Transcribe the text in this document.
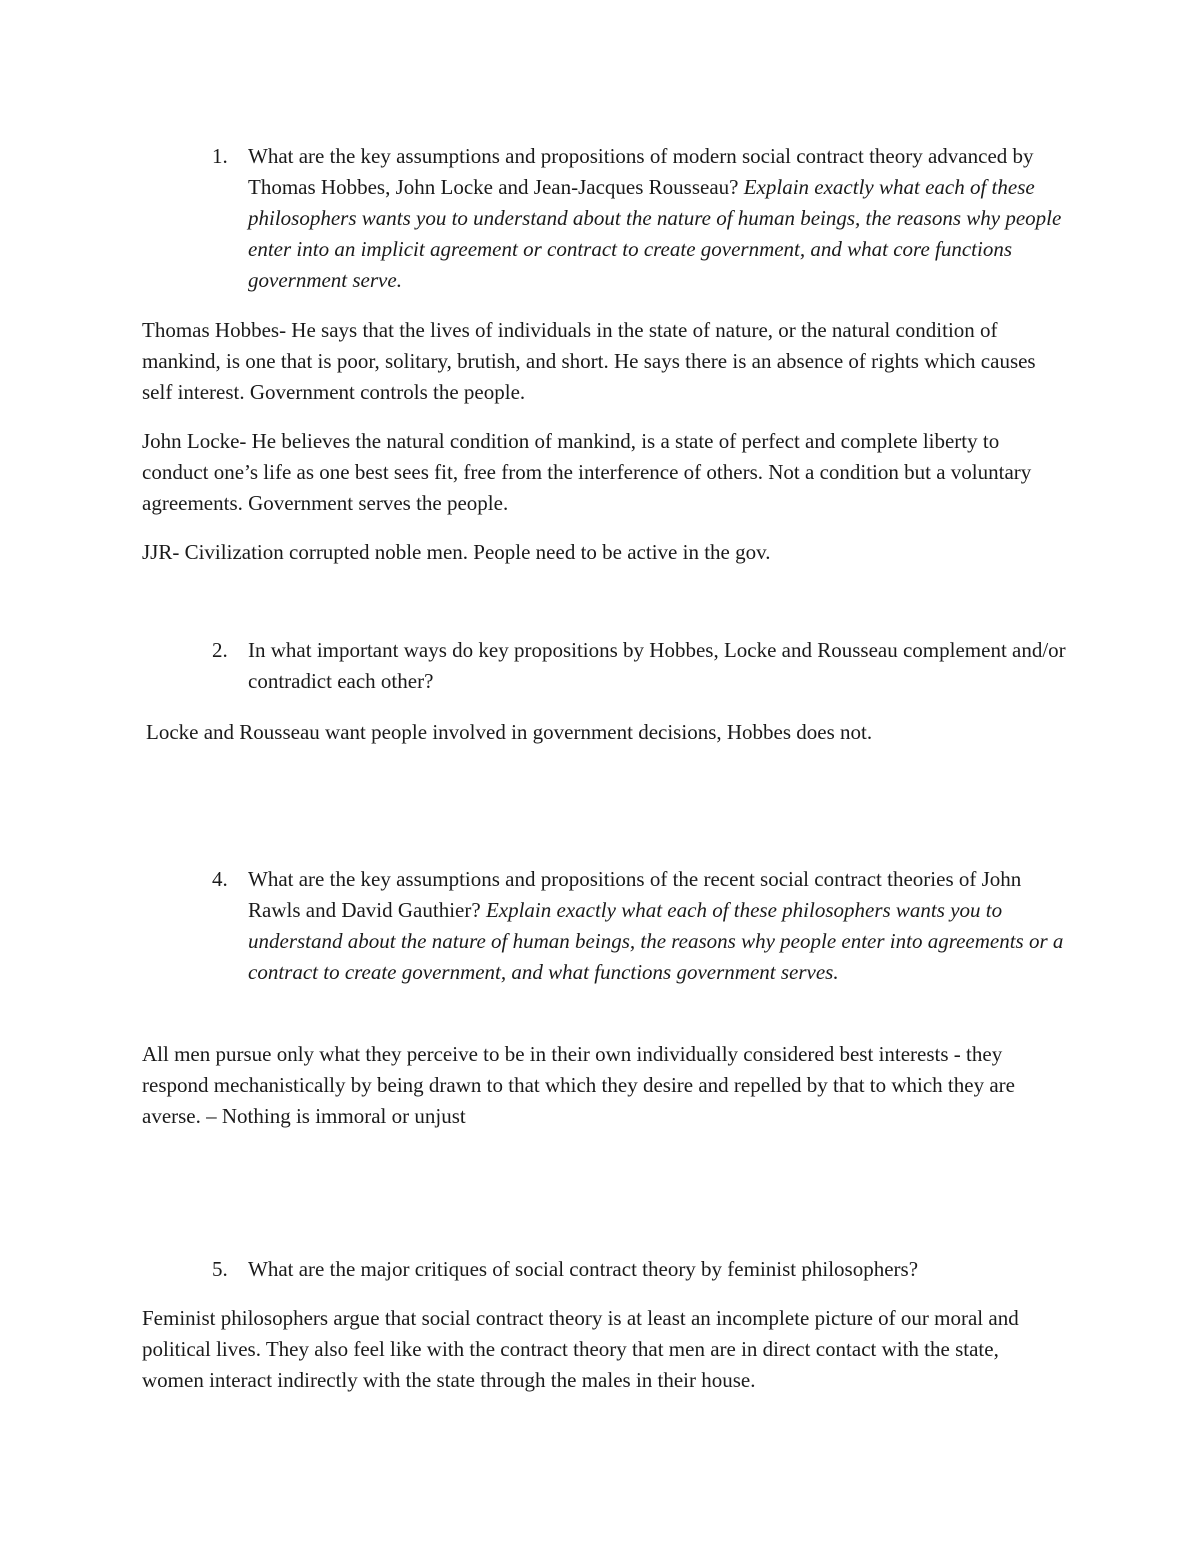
1. What are the key assumptions and propositions of modern social contract theory advanced by Thomas Hobbes, John Locke and Jean-Jacques Rousseau? Explain exactly what each of these philosophers wants you to understand about the nature of human beings, the reasons why people enter into an implicit agreement or contract to create government, and what core functions government serve.

Thomas Hobbes- He says that the lives of individuals in the state of nature, or the natural condition of mankind, is one that is poor, solitary, brutish, and short. He says there is an absence of rights which causes self interest. Government controls the people.

John Locke- He believes the natural condition of mankind, is a state of perfect and complete liberty to conduct one’s life as one best sees fit, free from the interference of others. Not a condition but a voluntary agreements. Government serves the people.

JJR- Civilization corrupted noble men. People need to be active in the gov.

2. In what important ways do key propositions by Hobbes, Locke and Rousseau complement and/or contradict each other?

Locke and Rousseau want people involved in government decisions, Hobbes does not.

4. What are the key assumptions and propositions of the recent social contract theories of John Rawls and David Gauthier? Explain exactly what each of these philosophers wants you to understand about the nature of human beings, the reasons why people enter into agreements or a contract to create government, and what functions government serves.

All men pursue only what they perceive to be in their own individually considered best interests - they respond mechanistically by being drawn to that which they desire and repelled by that to which they are averse. – Nothing is immoral or unjust

5. What are the major critiques of social contract theory by feminist philosophers?

Feminist philosophers argue that social contract theory is at least an incomplete picture of our moral and political lives. They also feel like with the contract theory that men are in direct contact with the state, women interact indirectly with the state through the males in their house.
